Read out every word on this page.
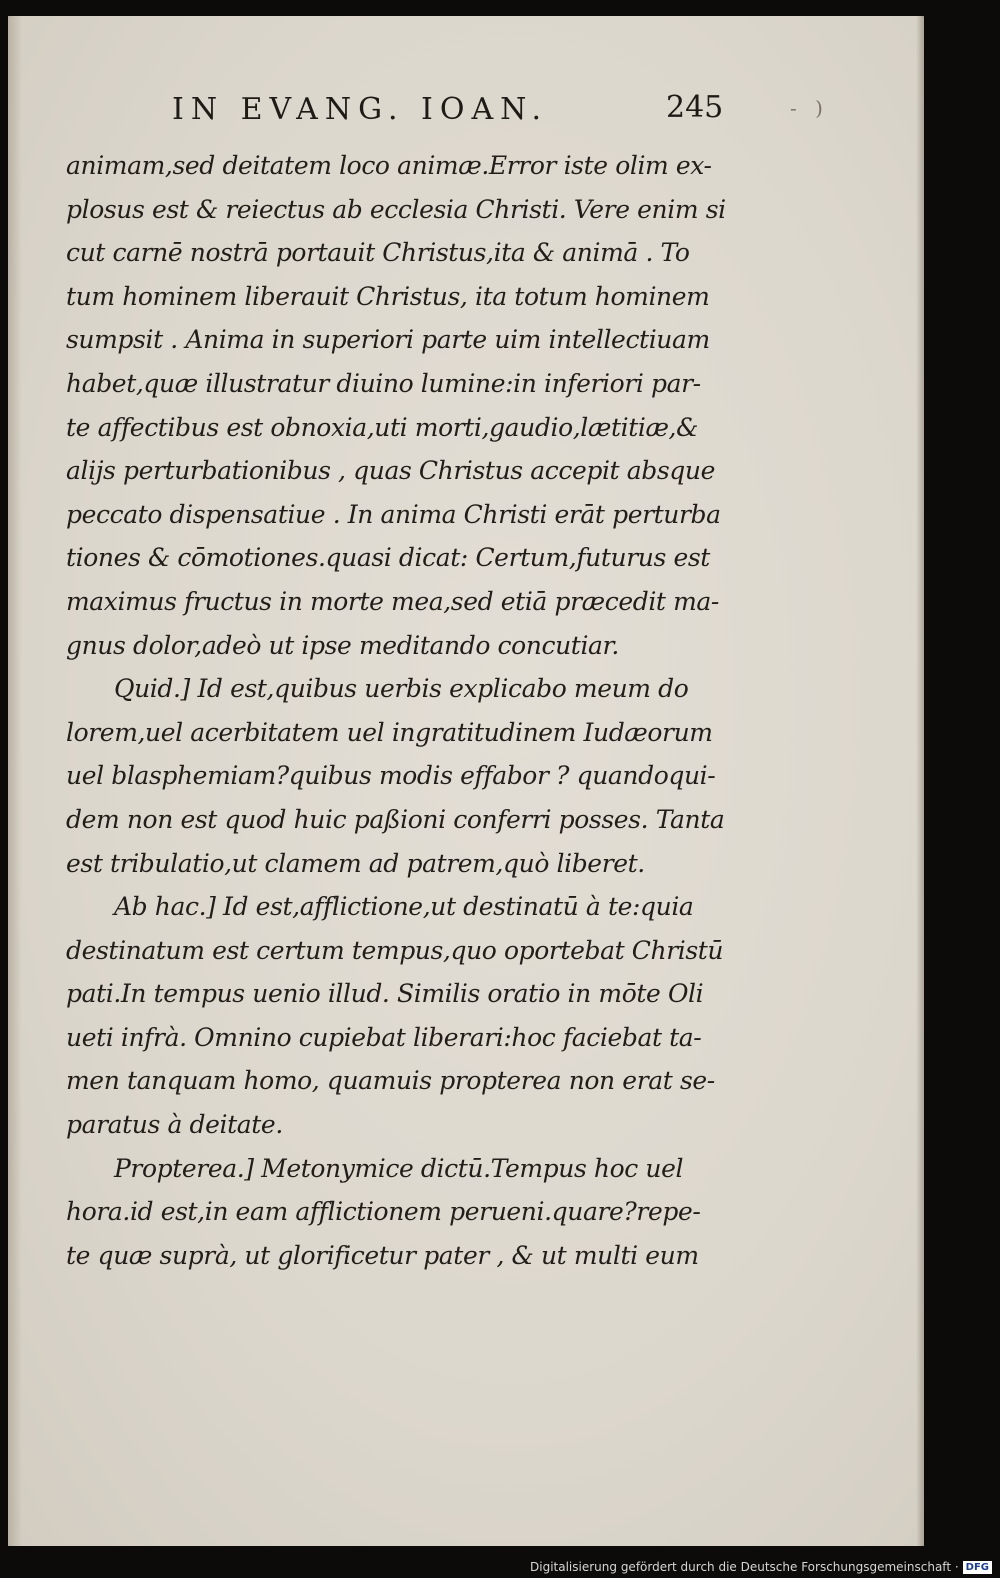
IN EVANG. IOAN.	245	- )
animam,sed deitatem loco animæ.Error iste olim ex-
plosus est & reiectus ab ecclesia Christi. Vere enim si
cut carnē nostrā portauit Christus,ita & animā . To
tum hominem liberauit Christus, ita totum hominem
sumpsit . Anima in superiori parte uim intellectiuam
habet,quæ illustratur diuino lumine:in inferiori par-
te affectibus est obnoxia,uti morti,gaudio,lætitiæ,&
alijs perturbationibus , quas Christus accepit absque
peccato dispensatiue . In anima Christi erāt perturba
tiones & cōmotiones.quasi dicat: Certum,futurus est
maximus fructus in morte mea,sed etiā præcedit ma-
gnus dolor,adeò ut ipse meditando concutiar.
Quid.] Id est,quibus uerbis explicabo meum do
lorem,uel acerbitatem uel ingratitudinem Iudæorum
uel blasphemiam?quibus modis effabor ? quandoqui-
dem non est quod huic paßioni conferri posses. Tanta
est tribulatio,ut clamem ad patrem,quò liberet.
Ab hac.] Id est,afflictione,ut destinatū à te:quia
destinatum est certum tempus,quo oportebat Christū
pati.In tempus uenio illud. Similis oratio in mōte Oli
ueti infrà. Omnino cupiebat liberari:hoc faciebat ta-
men tanquam homo, quamuis propterea non erat se-
paratus à deitate.
Propterea.] Metonymice dictū.Tempus hoc uel
hora.id est,in eam afflictionem perueni.quare?repe-
te quæ suprà, ut glorificetur pater , & ut multi eum
Digitalisierung gefördert durch die Deutsche Forschungsgemeinschaft · DFG
